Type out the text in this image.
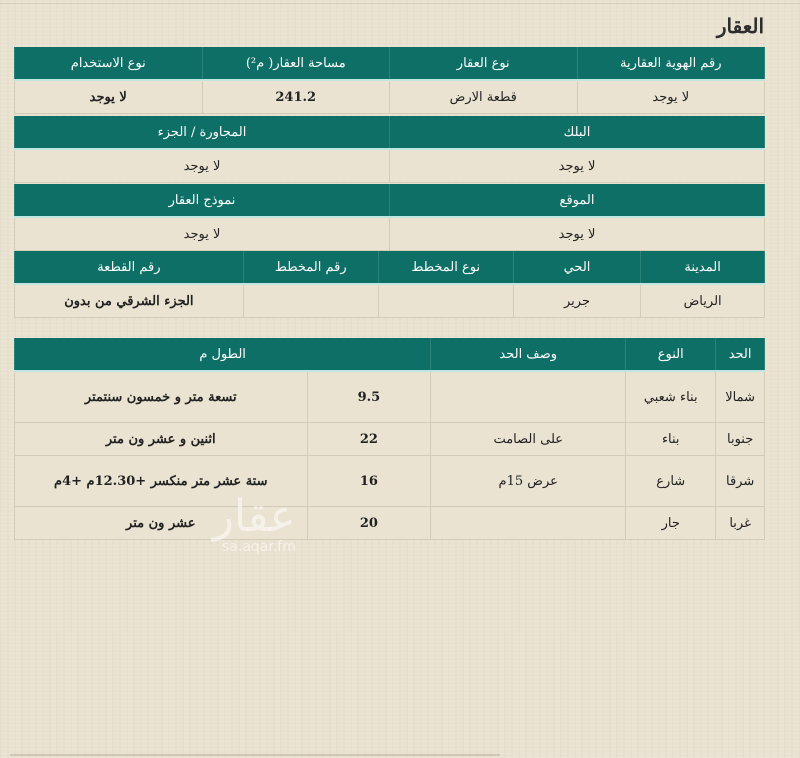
العقار
رقم الهوية العقارية	نوع العقار	مساحة العقار( م²)	نوع الاستخدام
لا يوجد	قطعة الارض	241.2	لا يوجد
البلك	المجاورة / الجزء
لا يوجد	لا يوجد
الموقع	نموذج العقار
لا يوجد	لا يوجد
المدينة	الحي	نوع المخطط	رقم المخطط	رقم القطعة
الرياض	جرير			الجزء الشرقي من بدون
الحد	النوع	وصف الحد	الطول م	
شمالا	بناء شعبي		9.5	تسعة متر و خمسون سنتمتر
جنوبا	بناء	على الصامت	22	اثنين و عشر ون متر
شرقا	شارع	عرض 15م	16	ستة عشر متر منكسر +12.30م +4م
غربا	جار		20	عشر ون متر عقار
sa.aqar.fm
